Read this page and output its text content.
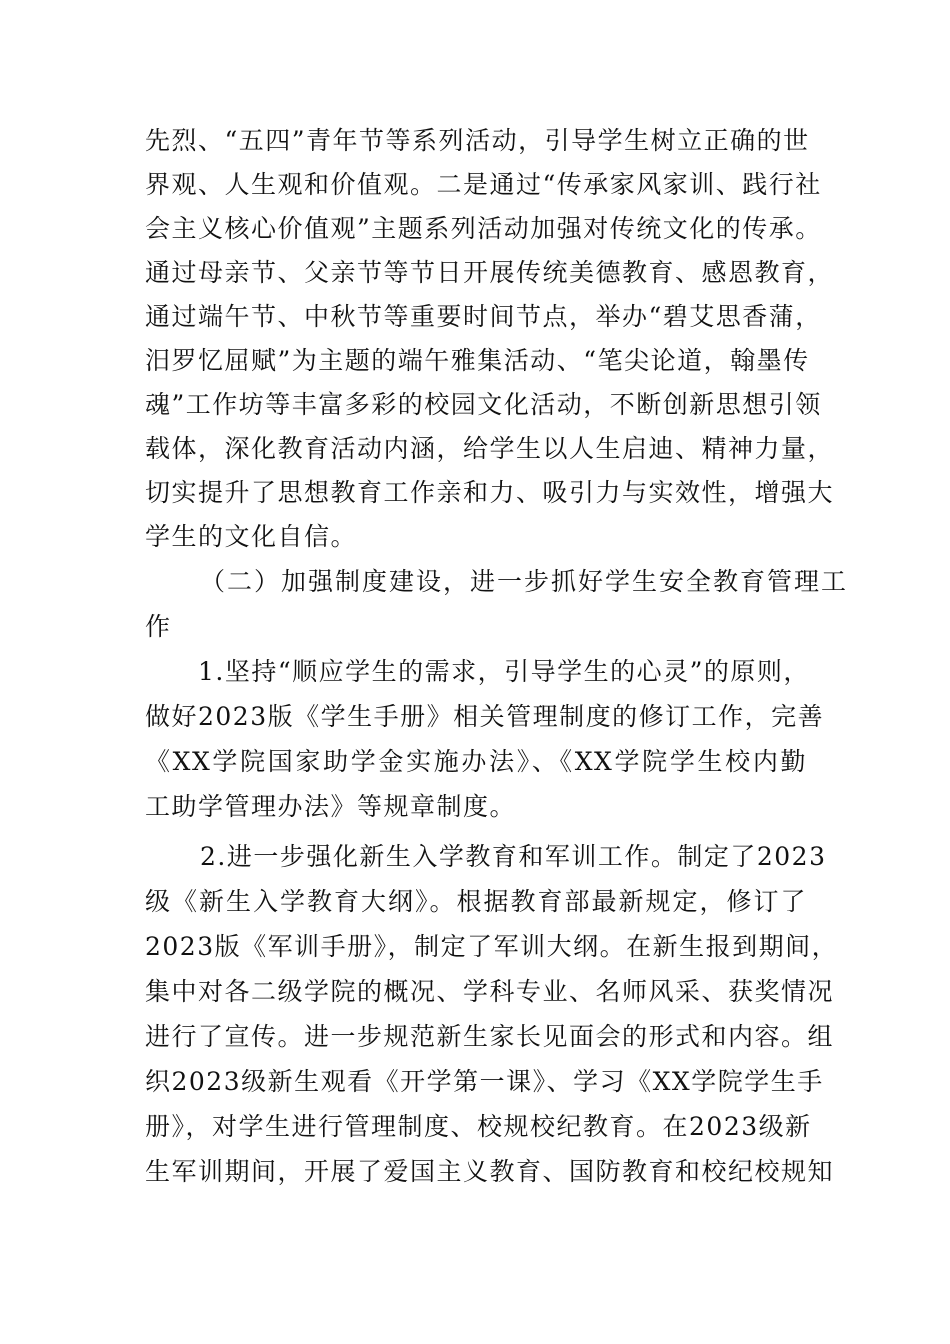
先烈、“五四”青年节等系列活动，引导学生树立正确的世
界观、人生观和价值观。二是通过“传承家风家训、践行社
会主义核心价值观”主题系列活动加强对传统文化的传承。
通过母亲节、父亲节等节日开展传统美德教育、感恩教育，
通过端午节、中秋节等重要时间节点，举办“碧艾思香蒲，
汨罗忆屈赋”为主题的端午雅集活动、“笔尖论道，翰墨传
魂”工作坊等丰富多彩的校园文化活动，不断创新思想引领
载体，深化教育活动内涵，给学生以人生启迪、精神力量，
切实提升了思想教育工作亲和力、吸引力与实效性，增强大
学生的文化自信。
（二）加强制度建设，进一步抓好学生安全教育管理工
作
1.坚持“顺应学生的需求，引导学生的心灵”的原则，
做好2023版《学生手册》相关管理制度的修订工作，完善
《XX学院国家助学金实施办法》、《XX学院学生校内勤
工助学管理办法》等规章制度。
2.进一步强化新生入学教育和军训工作。制定了2023
级《新生入学教育大纲》。根据教育部最新规定，修订了
2023版《军训手册》，制定了军训大纲。在新生报到期间，
集中对各二级学院的概况、学科专业、名师风采、获奖情况
进行了宣传。进一步规范新生家长见面会的形式和内容。组
织2023级新生观看《开学第一课》、学习《XX学院学生手
册》，对学生进行管理制度、校规校纪教育。在2023级新
生军训期间，开展了爱国主义教育、国防教育和校纪校规知
